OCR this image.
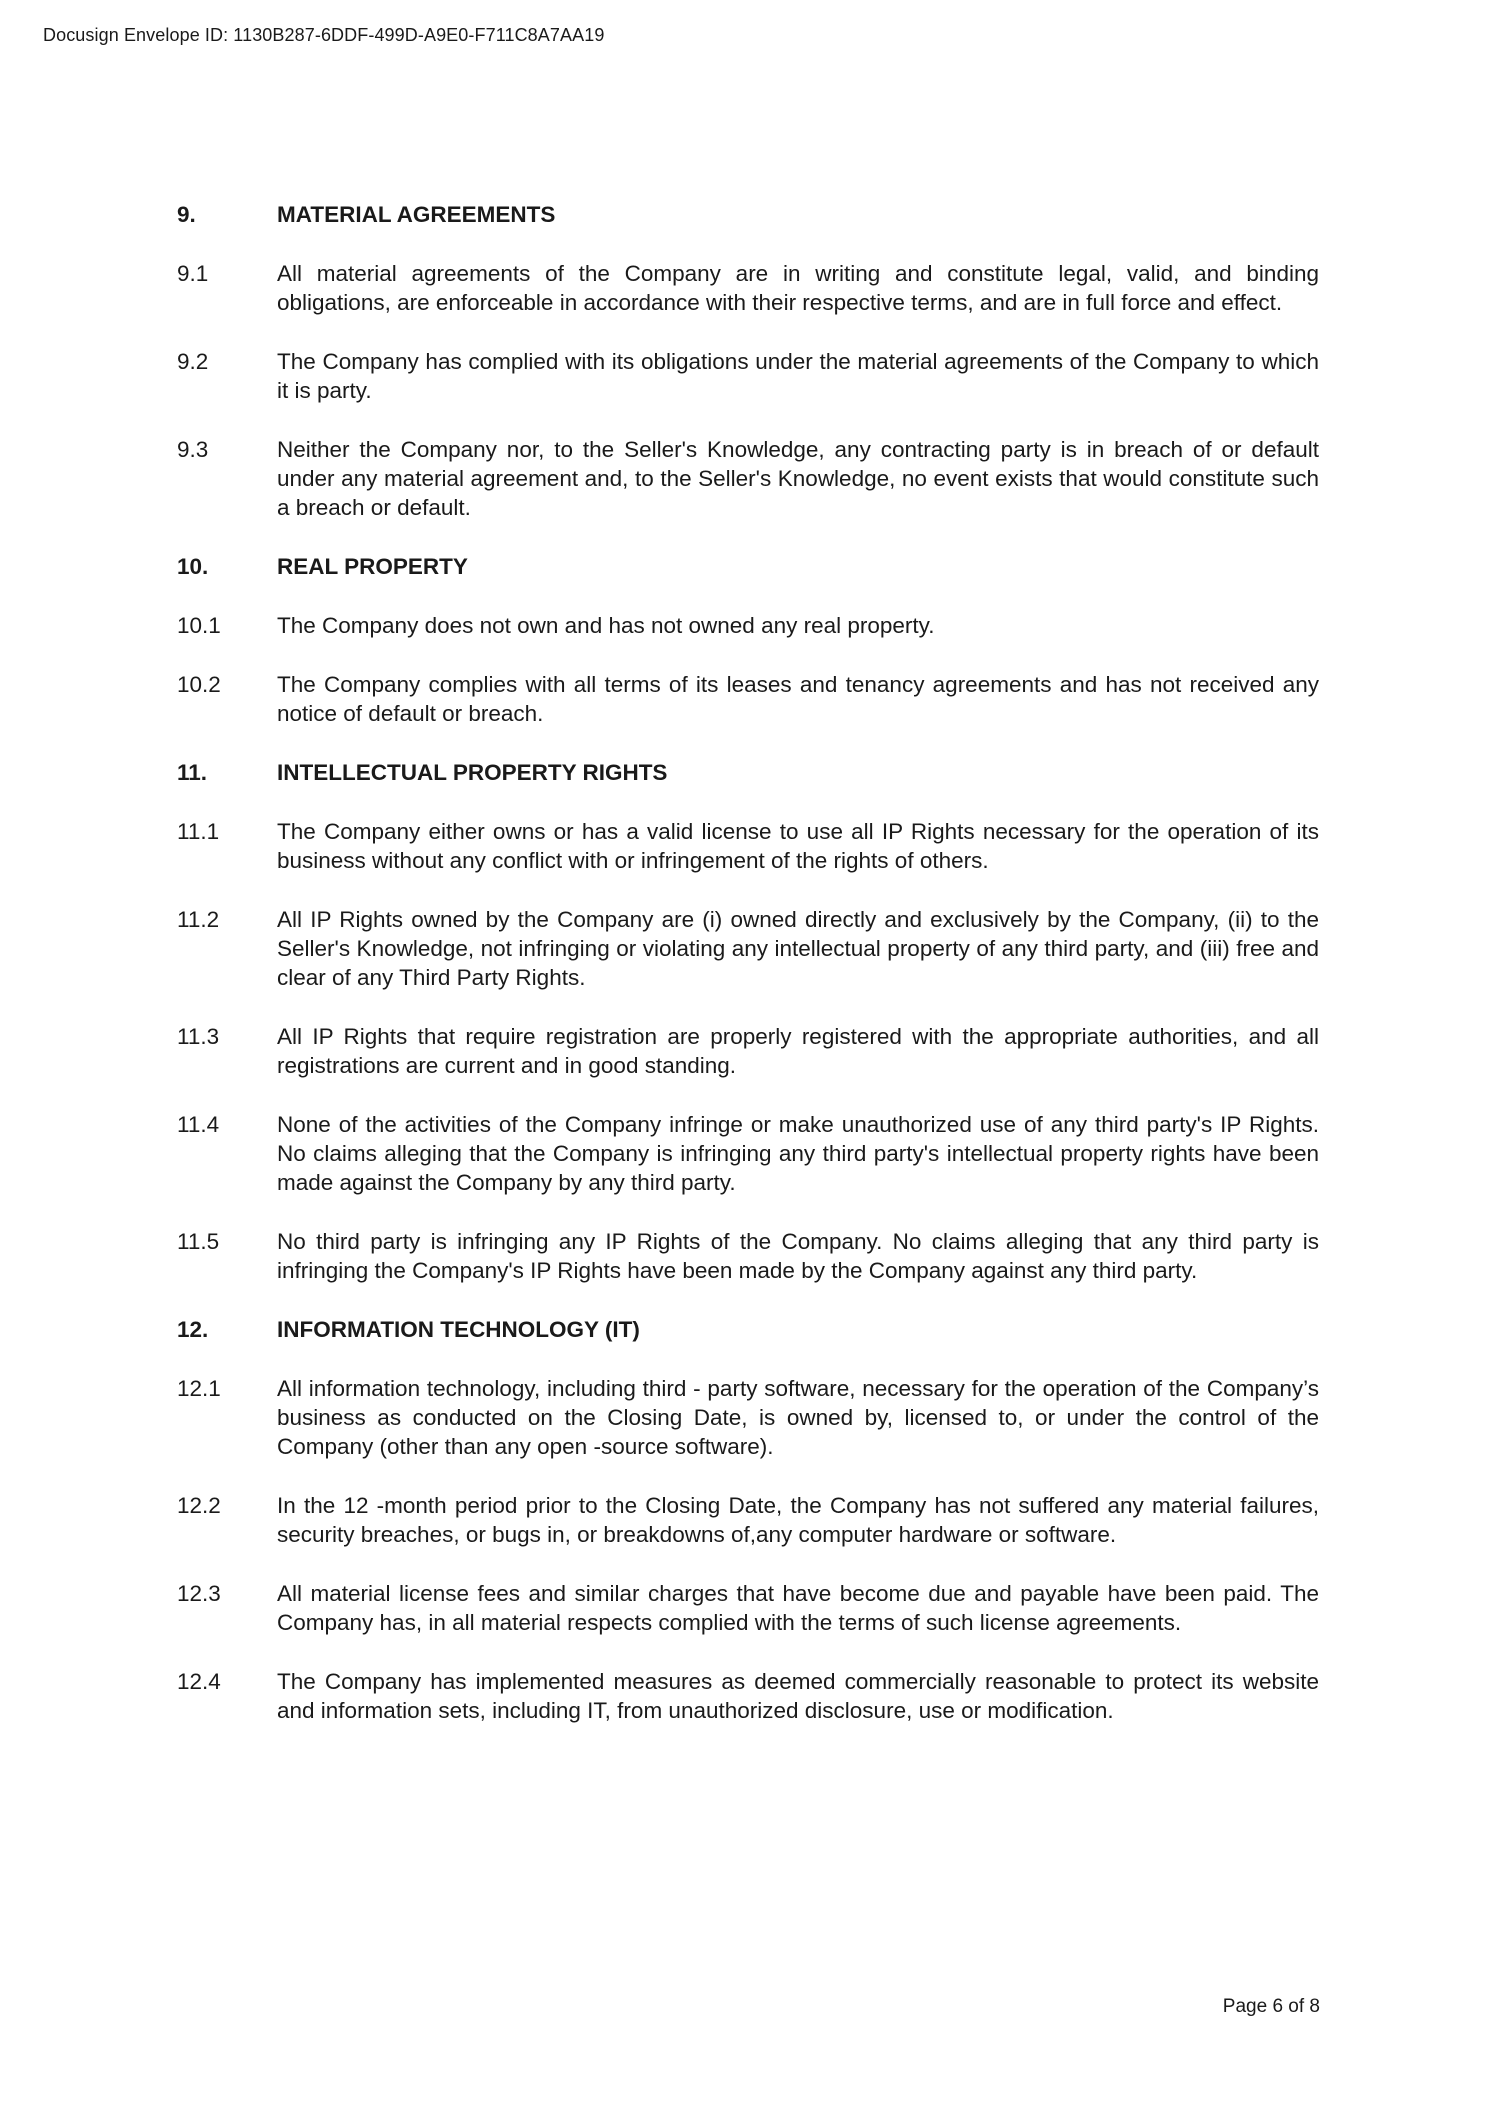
Docusign Envelope ID: 1130B287-6DDF-499D-A9E0-F711C8A7AA19
9.	MATERIAL AGREEMENTS
9.1	All material agreements of the Company are in writing and constitute legal, valid, and binding obligations, are enforceable in accordance with their respective terms, and are in full force and effect.
9.2	The Company has complied with its obligations under the material agreements of the Company to which it is party.
9.3	Neither the Company nor, to the Seller's Knowledge, any contracting party is in breach of or default under any material agreement and, to the Seller's Knowledge, no event exists that would constitute such a breach or default.
10.	REAL PROPERTY
10.1	The Company does not own and has not owned any real property.
10.2	The Company complies with all terms of its leases and tenancy agreements and has not received any notice of default or breach.
11.	INTELLECTUAL PROPERTY RIGHTS
11.1	The Company either owns or has a valid license to use all IP Rights necessary for the operation of its business without any conflict with or infringement of the rights of others.
11.2	All IP Rights owned by the Company are (i) owned directly and exclusively by the Company, (ii) to the Seller's Knowledge, not infringing or violating any intellectual property of any third party, and (iii) free and clear of any Third Party Rights.
11.3	All IP Rights that require registration are properly registered with the appropriate authorities, and all registrations are current and in good standing.
11.4	None of the activities of the Company infringe or make unauthorized use of any third party's IP Rights. No claims alleging that the Company is infringing any third party's intellectual property rights have been made against the Company by any third party.
11.5	No third party is infringing any IP Rights of the Company. No claims alleging that any third party is infringing the Company's IP Rights have been made by the Company against any third party.
12.	INFORMATION TECHNOLOGY (IT)
12.1	All information technology, including third - party software, necessary for the operation of the Company’s business as conducted on the Closing Date, is owned by, licensed to, or under the control of the Company (other than any open -source software).
12.2	In the 12 -month period prior to the Closing Date, the Company has not suffered any material failures, security breaches, or bugs in, or breakdowns of,any computer hardware or software.
12.3	All material license fees and similar charges that have become due and payable have been paid. The Company has, in all material respects complied with the terms of such license agreements.
12.4	The Company has implemented measures as deemed commercially reasonable to protect its website and information sets, including IT, from unauthorized disclosure, use or modification.
Page 6 of 8
